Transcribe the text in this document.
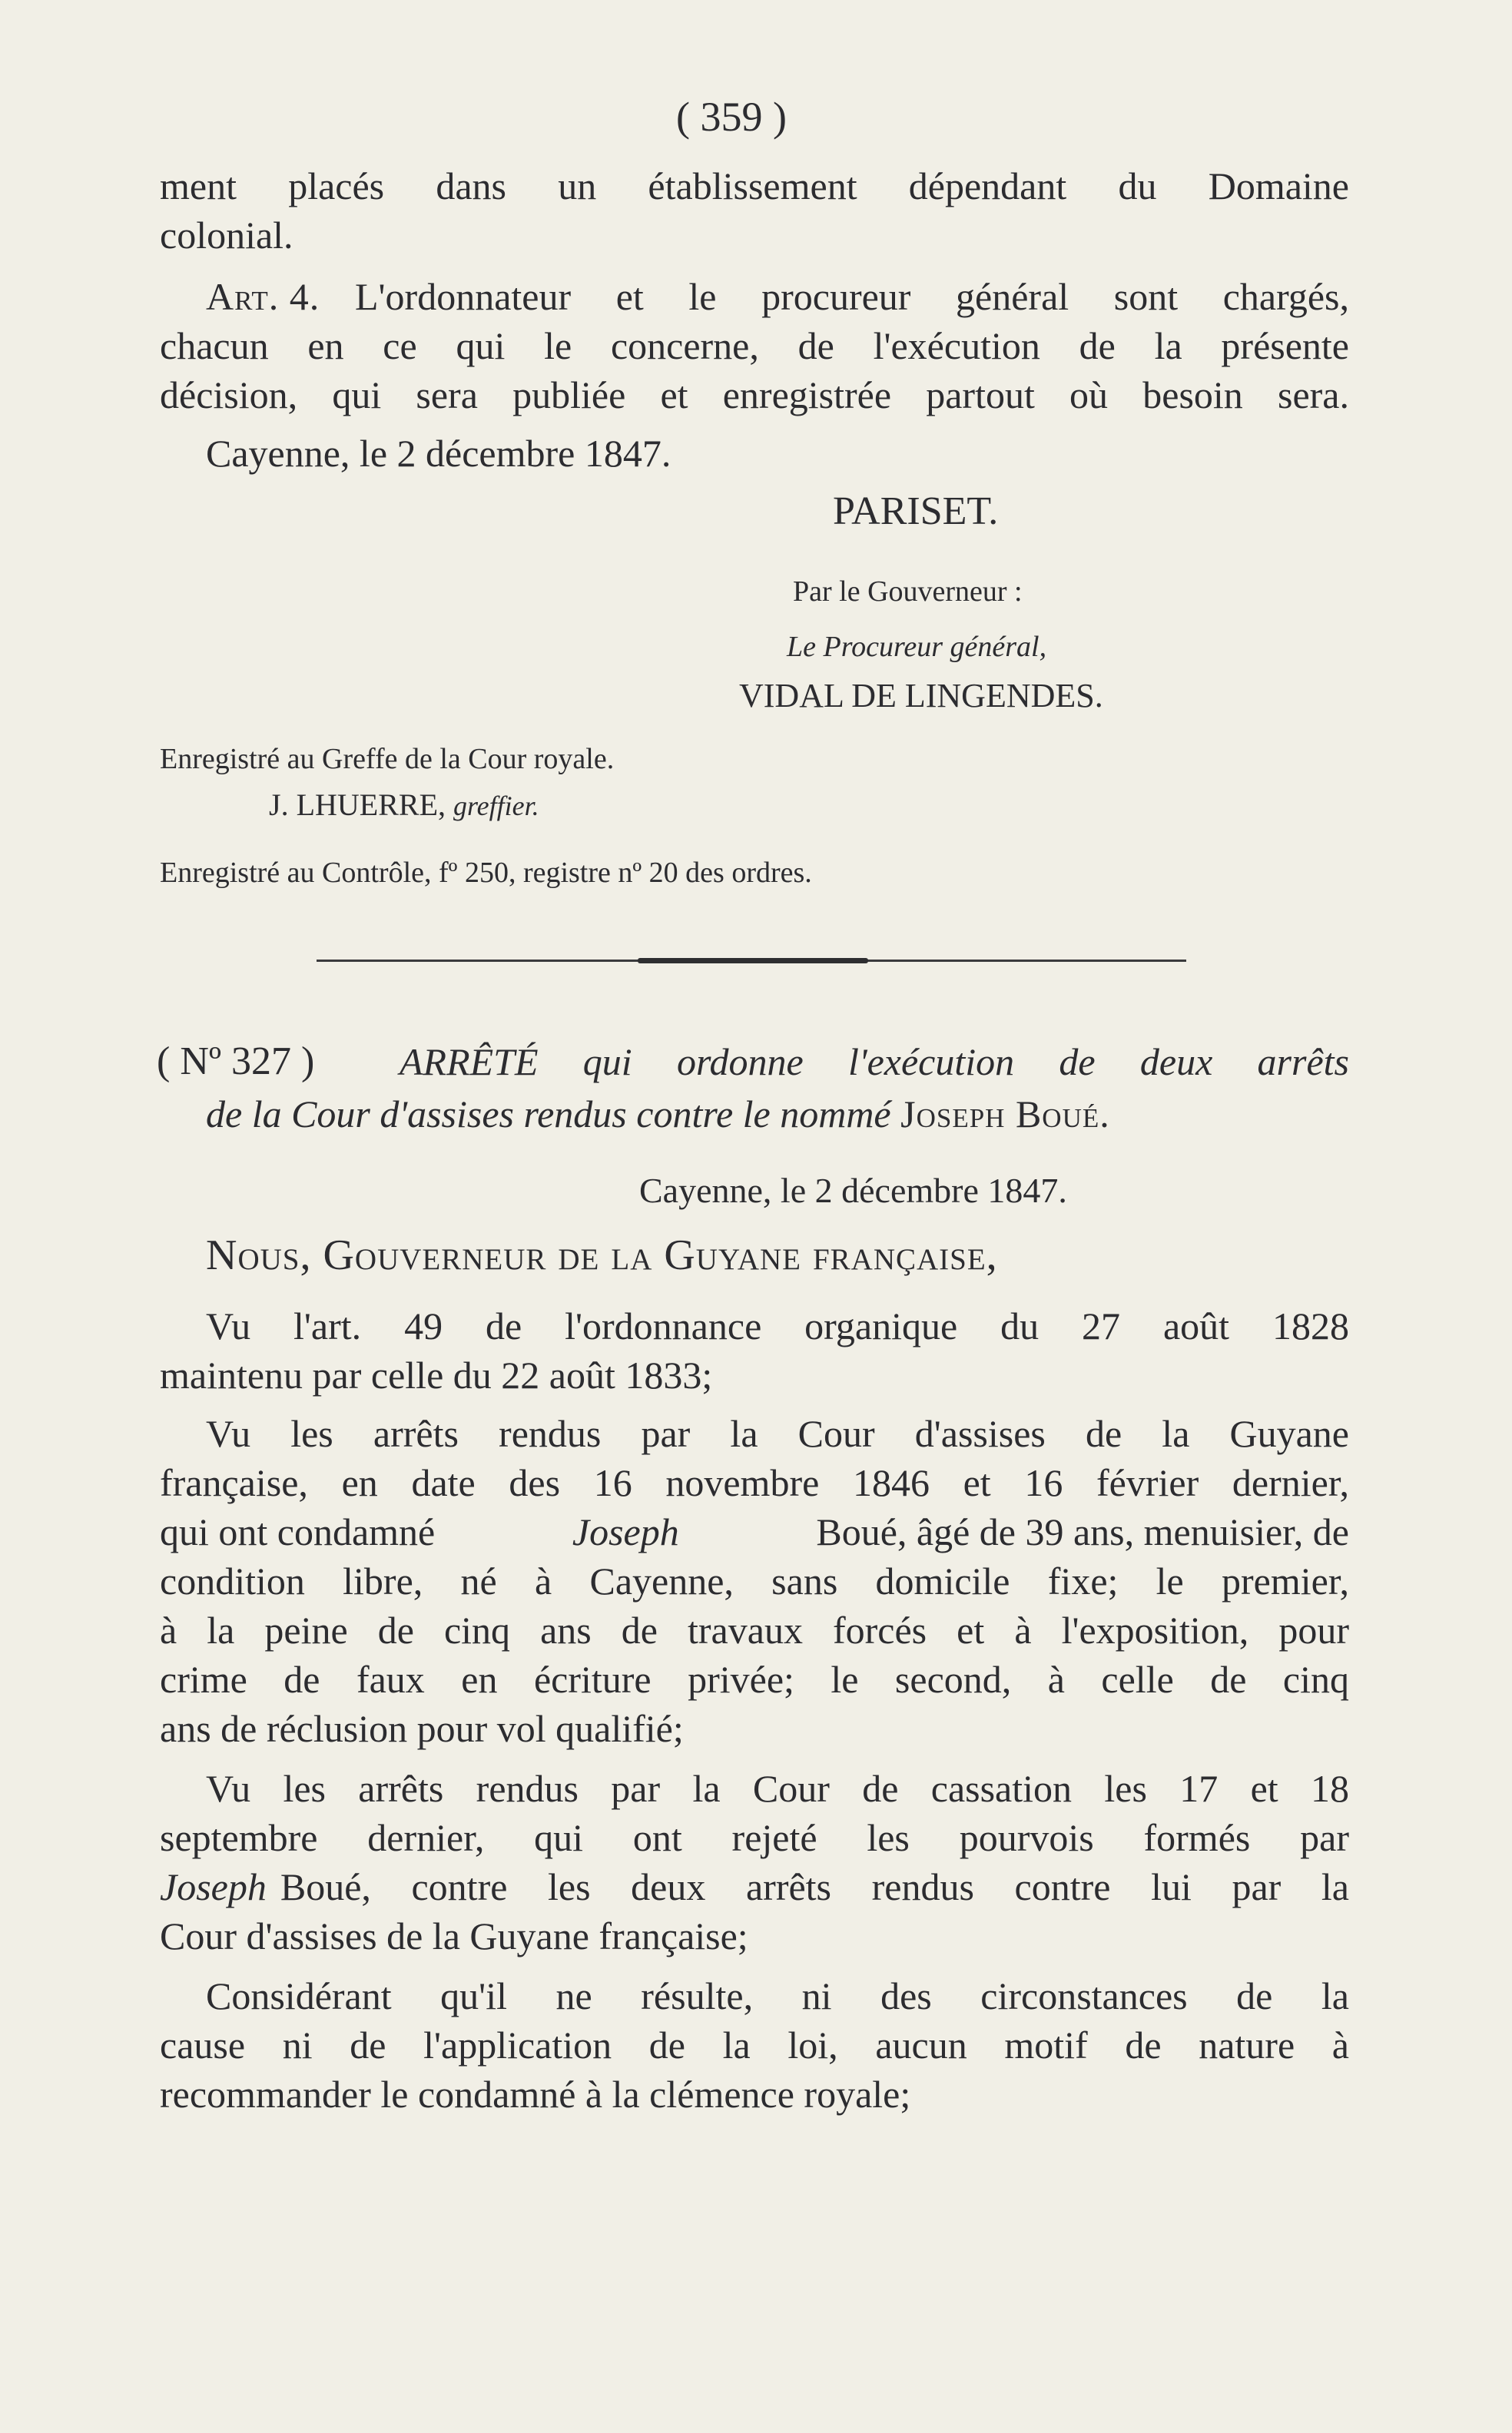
( 359 )
ment placés dans un établissement dépendant du Domaine
colonial.
Art. 4. L'ordonnateur et le procureur général sont chargés,
chacun en ce qui le concerne, de l'exécution de la présente
décision, qui sera publiée et enregistrée partout où besoin sera.
Cayenne, le 2 décembre 1847.
PARISET.
Par le Gouverneur :
Le Procureur général,
VIDAL DE LINGENDES.
Enregistré au Greffe de la Cour royale.
J. LHUERRE, greffier.
Enregistré au Contrôle, fº 250, registre nº 20 des ordres.
( Nº 327 ) ARRÊTÉ qui ordonne l'exécution de deux arrêts
de la Cour d'assises rendus contre le nommé Joseph Boué.
Cayenne, le 2 décembre 1847.
Nous, Gouverneur de la Guyane française,
Vu l'art. 49 de l'ordonnance organique du 27 août 1828
maintenu par celle du 22 août 1833;
Vu les arrêts rendus par la Cour d'assises de la Guyane
française, en date des 16 novembre 1846 et 16 février dernier,
qui ont condamné	Joseph	Boué, âgé de 39 ans, menuisier, de
condition libre, né à Cayenne, sans domicile fixe; le premier,
à la peine de cinq ans de travaux forcés et à l'exposition, pour
crime de faux en écriture privée; le second, à celle de cinq
ans de réclusion pour vol qualifié;
Vu les arrêts rendus par la Cour de cassation les 17 et 18
septembre dernier, qui ont rejeté les pourvois formés par
Joseph Boué, contre les deux arrêts rendus contre lui par la
Cour d'assises de la Guyane française;
Considérant qu'il ne résulte, ni des circonstances de la
cause ni de l'application de la loi, aucun motif de nature à
recommander le condamné à la clémence royale;
